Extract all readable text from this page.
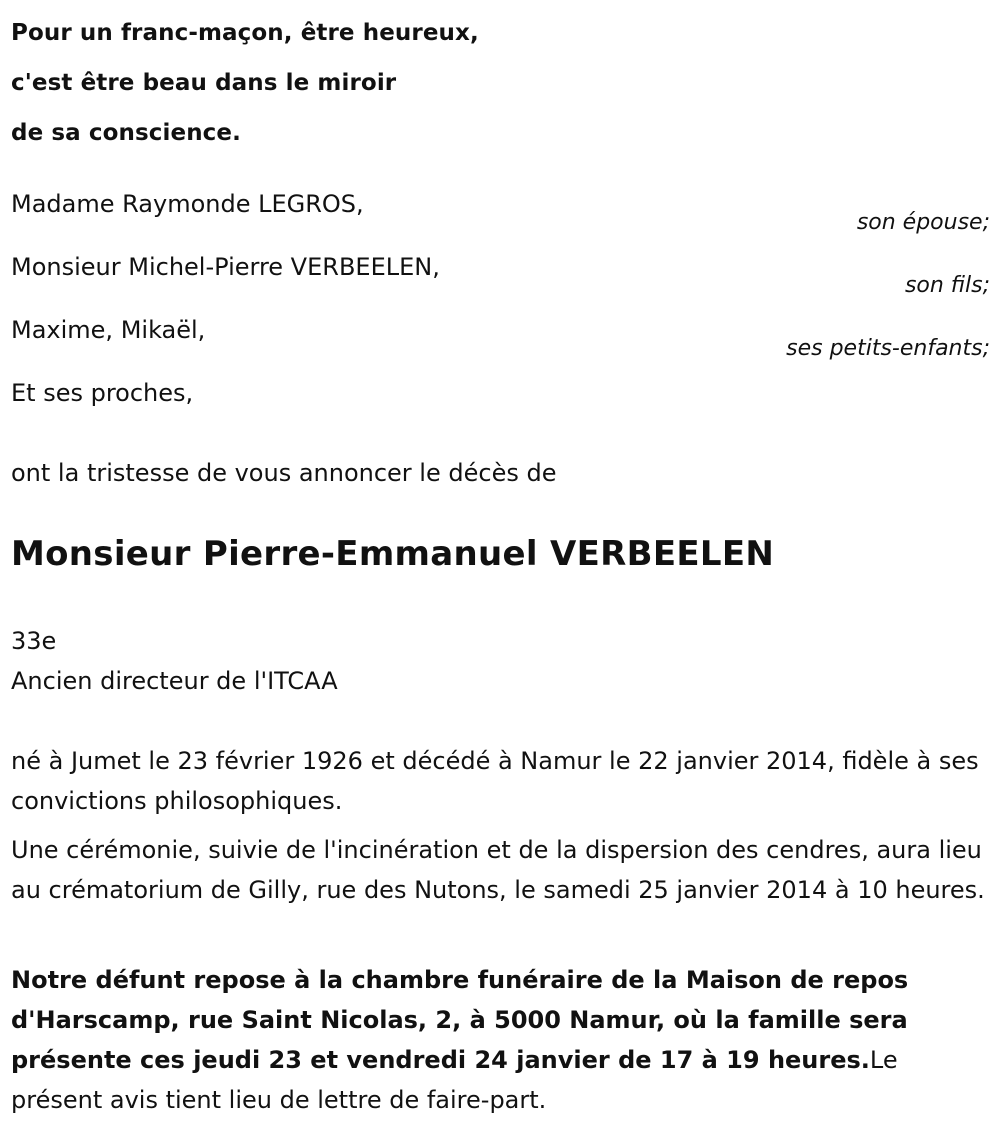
Pour un franc-maçon, être heureux,
c'est être beau dans le miroir
de sa conscience.
Madame Raymonde LEGROS,
son épouse;
Monsieur Michel-Pierre VERBEELEN,
son fils;
Maxime, Mikaël,
ses petits-enfants;
Et ses proches,
ont la tristesse de vous annoncer le décès de
Monsieur Pierre-Emmanuel VERBEELEN
33e
Ancien directeur de l'ITCAA

né à Jumet le 23 février 1926 et décédé à Namur le 22 janvier 2014, fidèle à ses convictions philosophiques.

Une cérémonie, suivie de l'incinération et de la dispersion des cendres, aura lieu au crématorium de Gilly, rue des Nutons, le samedi 25 janvier 2014 à 10 heures.

Notre défunt repose à la chambre funéraire de la Maison de repos d'Harscamp, rue Saint Nicolas, 2, à 5000 Namur, où la famille sera présente ces jeudi 23 et vendredi 24 janvier de 17 à 19 heures.Le présent avis tient lieu de lettre de faire-part.
